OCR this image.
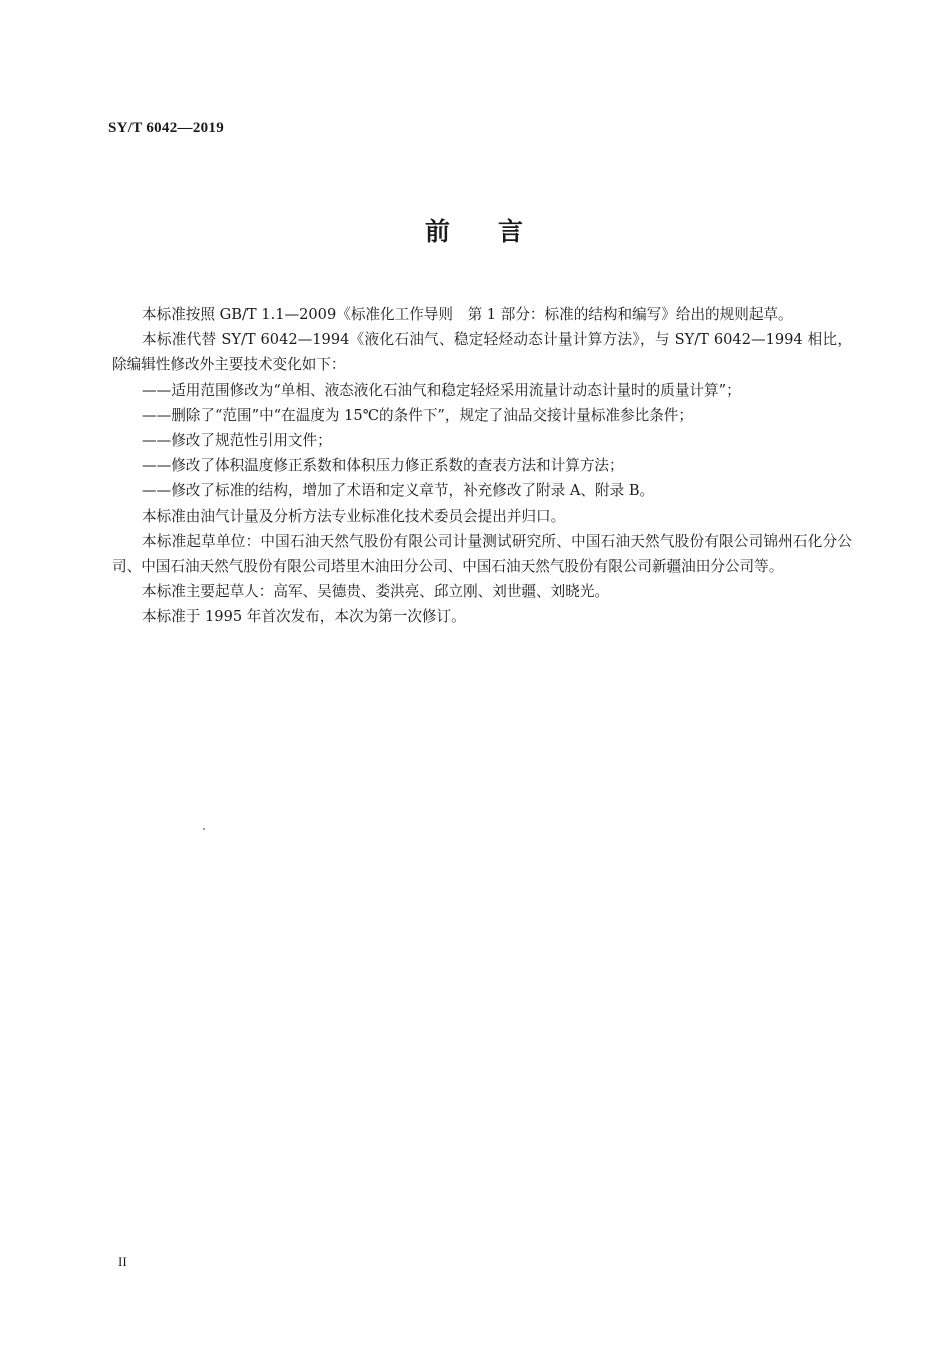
SY/T 6042—2019
前 言

本标准按照 GB/T 1.1—2009《标准化工作导则　第 1 部分：标准的结构和编写》给出的规则起草。

本标准代替 SY/T 6042—1994《液化石油气、稳定轻烃动态计量计算方法》，与 SY/T 6042—1994 相比，除编辑性修改外主要技术变化如下：

——适用范围修改为“单相、液态液化石油气和稳定轻烃采用流量计动态计量时的质量计算”；

——删除了“范围”中“在温度为 15℃的条件下”，规定了油品交接计量标准参比条件；

——修改了规范性引用文件；

——修改了体积温度修正系数和体积压力修正系数的查表方法和计算方法；

——修改了标准的结构，增加了术语和定义章节，补充修改了附录 A、附录 B。

本标准由油气计量及分析方法专业标准化技术委员会提出并归口。

本标准起草单位：中国石油天然气股份有限公司计量测试研究所、中国石油天然气股份有限公司锦州石化分公司、中国石油天然气股份有限公司塔里木油田分公司、中国石油天然气股份有限公司新疆油田分公司等。

本标准主要起草人：高军、吴德贵、娄洪亮、邱立刚、刘世疆、刘晓光。

本标准于 1995 年首次发布，本次为第一次修订。

II
